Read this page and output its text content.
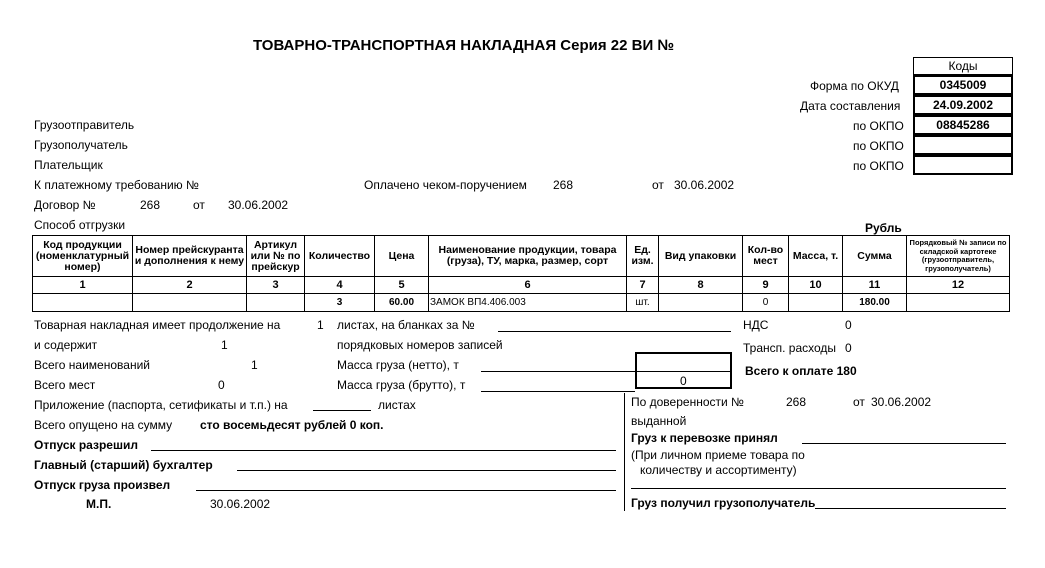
ТОВАРНО-ТРАНСПОРТНАЯ НАКЛАДНАЯ Серия 22 ВИ №
Коды
Форма по ОКУД	0345009
Дата составления	24.09.2002
по ОКПО	08845286
по ОКПО
по ОКПО
Грузоотправитель
Грузополучатель
Плательщик
К платежному требованию №	Оплачено чеком-поручением 268	от 30.06.2002
Договор №	268	от 30.06.2002
Способ отгрузки	Рубль
Код продукции (номенклатурный номер)	Номер прейскуранта и дополнения к нему	Артикул или № по прейскур	Количество	Цена	Наименование продукции, товара (груза), ТУ, марка, размер, сорт	Ед. изм.	Вид упаковки	Кол-во мест	Масса, т.	Сумма	Порядковый № записи по складской картотеке (грузоотправитель, грузополучатель)
1	2	3	4	5	6	7	8	9	10	11	12
			3	60.00	ЗАМОК ВП4.406.003	шт.		0		180.00	
Товарная накладная имеет продолжение на	1 листах, на бланках за №	НДС	0
и содержит	1	порядковых номеров записей	Трансп. расходы 0
Всего наименований	1	Масса груза (нетто), т
0
Всего к оплате 180
Всего мест	0	Масса груза (брутто), т
Приложение (паспорта, сетификаты и т.п.) на	листах
Всего опущено на сумму сто восемьдесят рублей 0 коп.
Отпуск разрешил
Главный (старший) бухгалтер
Отпуск груза произвел
М.П.	30.06.2002
По доверенности №	268	от 30.06.2002
выданной
Груз к перевозке принял
(При личном приеме товара по
количеству и ассортименту)
Груз получил грузополучатель
